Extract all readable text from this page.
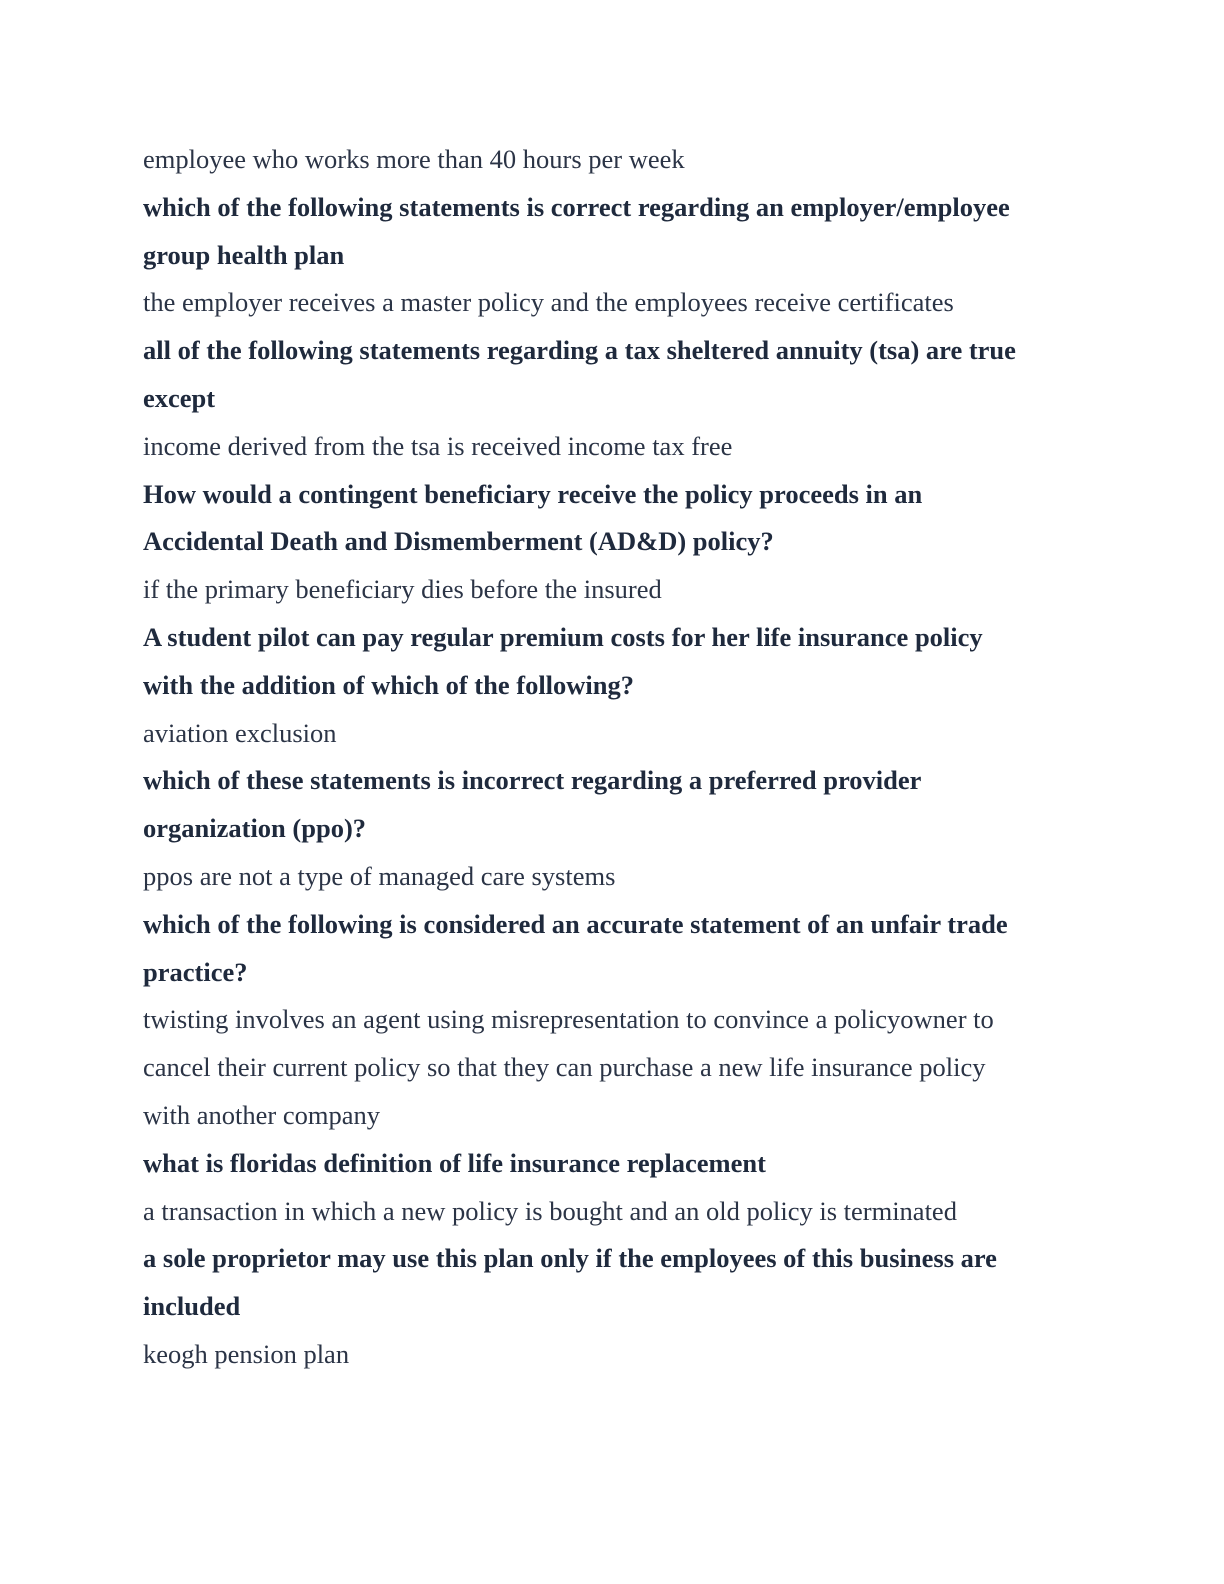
employee who works more than 40 hours per week
which of the following statements is correct regarding an employer/employee
group health plan
the employer receives a master policy and the employees receive certificates
all of the following statements regarding a tax sheltered annuity (tsa) are true
except
income derived from the tsa is received income tax free
How would a contingent beneficiary receive the policy proceeds in an
Accidental Death and Dismemberment (AD&D) policy?
if the primary beneficiary dies before the insured
A student pilot can pay regular premium costs for her life insurance policy
with the addition of which of the following?
aviation exclusion
which of these statements is incorrect regarding a preferred provider
organization (ppo)?
ppos are not a type of managed care systems
which of the following is considered an accurate statement of an unfair trade
practice?
twisting involves an agent using misrepresentation to convince a policyowner to
cancel their current policy so that they can purchase a new life insurance policy
with another company
what is floridas definition of life insurance replacement
a transaction in which a new policy is bought and an old policy is terminated
a sole proprietor may use this plan only if the employees of this business are
included
keogh pension plan
